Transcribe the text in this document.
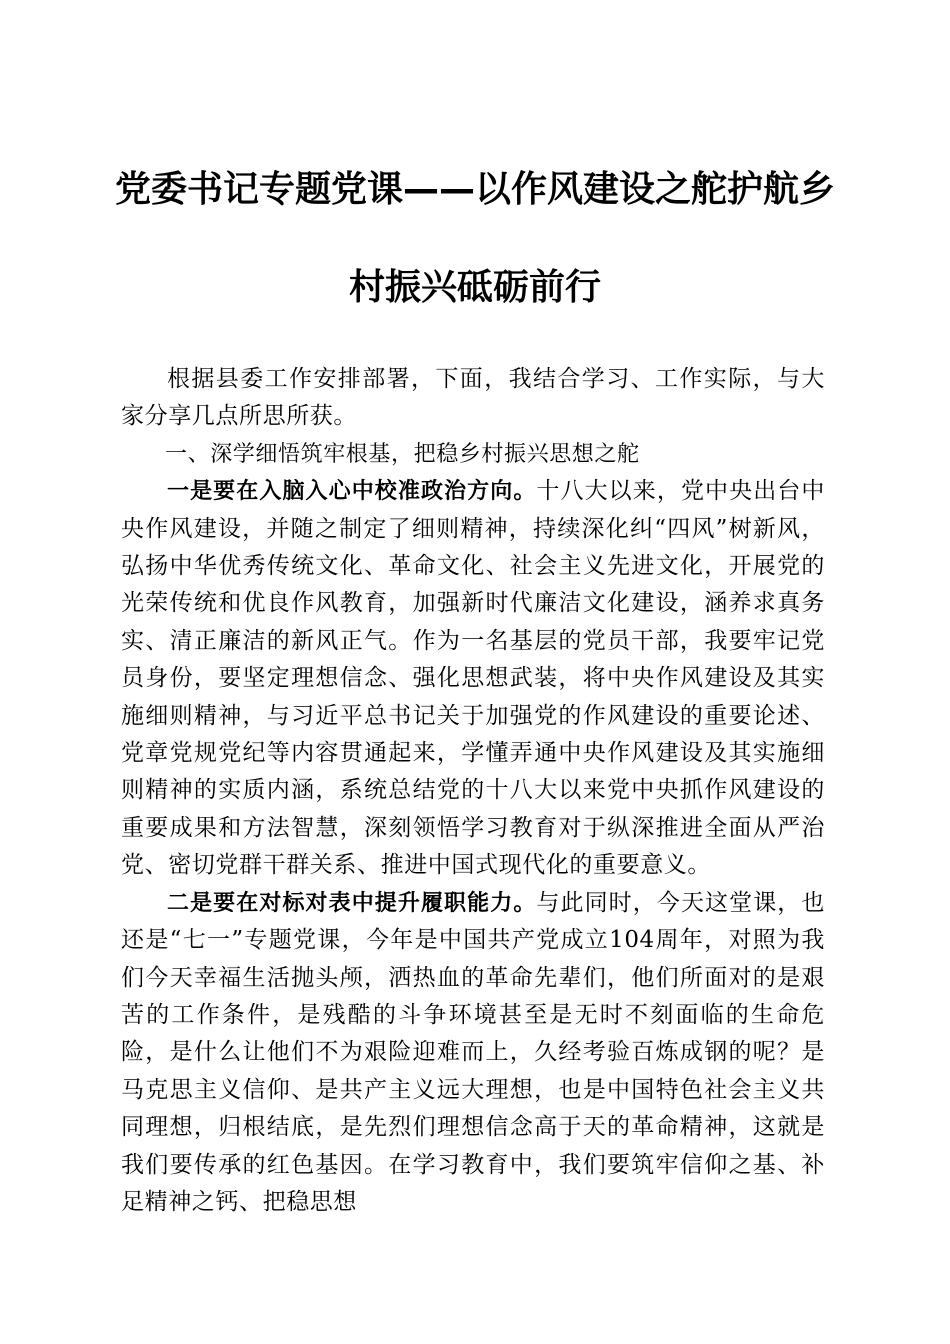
党委书记专题党课——以作风建设之舵护航乡
村振兴砥砺前行

根据县委工作安排部署，下面，我结合学习、工作实际，与大家分享几点所思所获。

一、深学细悟筑牢根基，把稳乡村振兴思想之舵

一是要在入脑入心中校准政治方向。十八大以来，党中央出台中央作风建设，并随之制定了细则精神，持续深化纠“四风”树新风，弘扬中华优秀传统文化、革命文化、社会主义先进文化，开展党的光荣传统和优良作风教育，加强新时代廉洁文化建设，涵养求真务实、清正廉洁的新风正气。作为一名基层的党员干部，我要牢记党员身份，要坚定理想信念、强化思想武装，将中央作风建设及其实施细则精神，与习近平总书记关于加强党的作风建设的重要论述、党章党规党纪等内容贯通起来，学懂弄通中央作风建设及其实施细则精神的实质内涵，系统总结党的十八大以来党中央抓作风建设的重要成果和方法智慧，深刻领悟学习教育对于纵深推进全面从严治党、密切党群干群关系、推进中国式现代化的重要意义。

二是要在对标对表中提升履职能力。与此同时，今天这堂课，也还是“七一”专题党课，今年是中国共产党成立104周年，对照为我们今天幸福生活抛头颅，洒热血的革命先辈们，他们所面对的是艰苦的工作条件，是残酷的斗争环境甚至是无时不刻面临的生命危险，是什么让他们不为艰险迎难而上，久经考验百炼成钢的呢？是马克思主义信仰、是共产主义远大理想，也是中国特色社会主义共同理想，归根结底，是先烈们理想信念高于天的革命精神，这就是我们要传承的红色基因。在学习教育中，我们要筑牢信仰之基、补足精神之钙、把稳思想
